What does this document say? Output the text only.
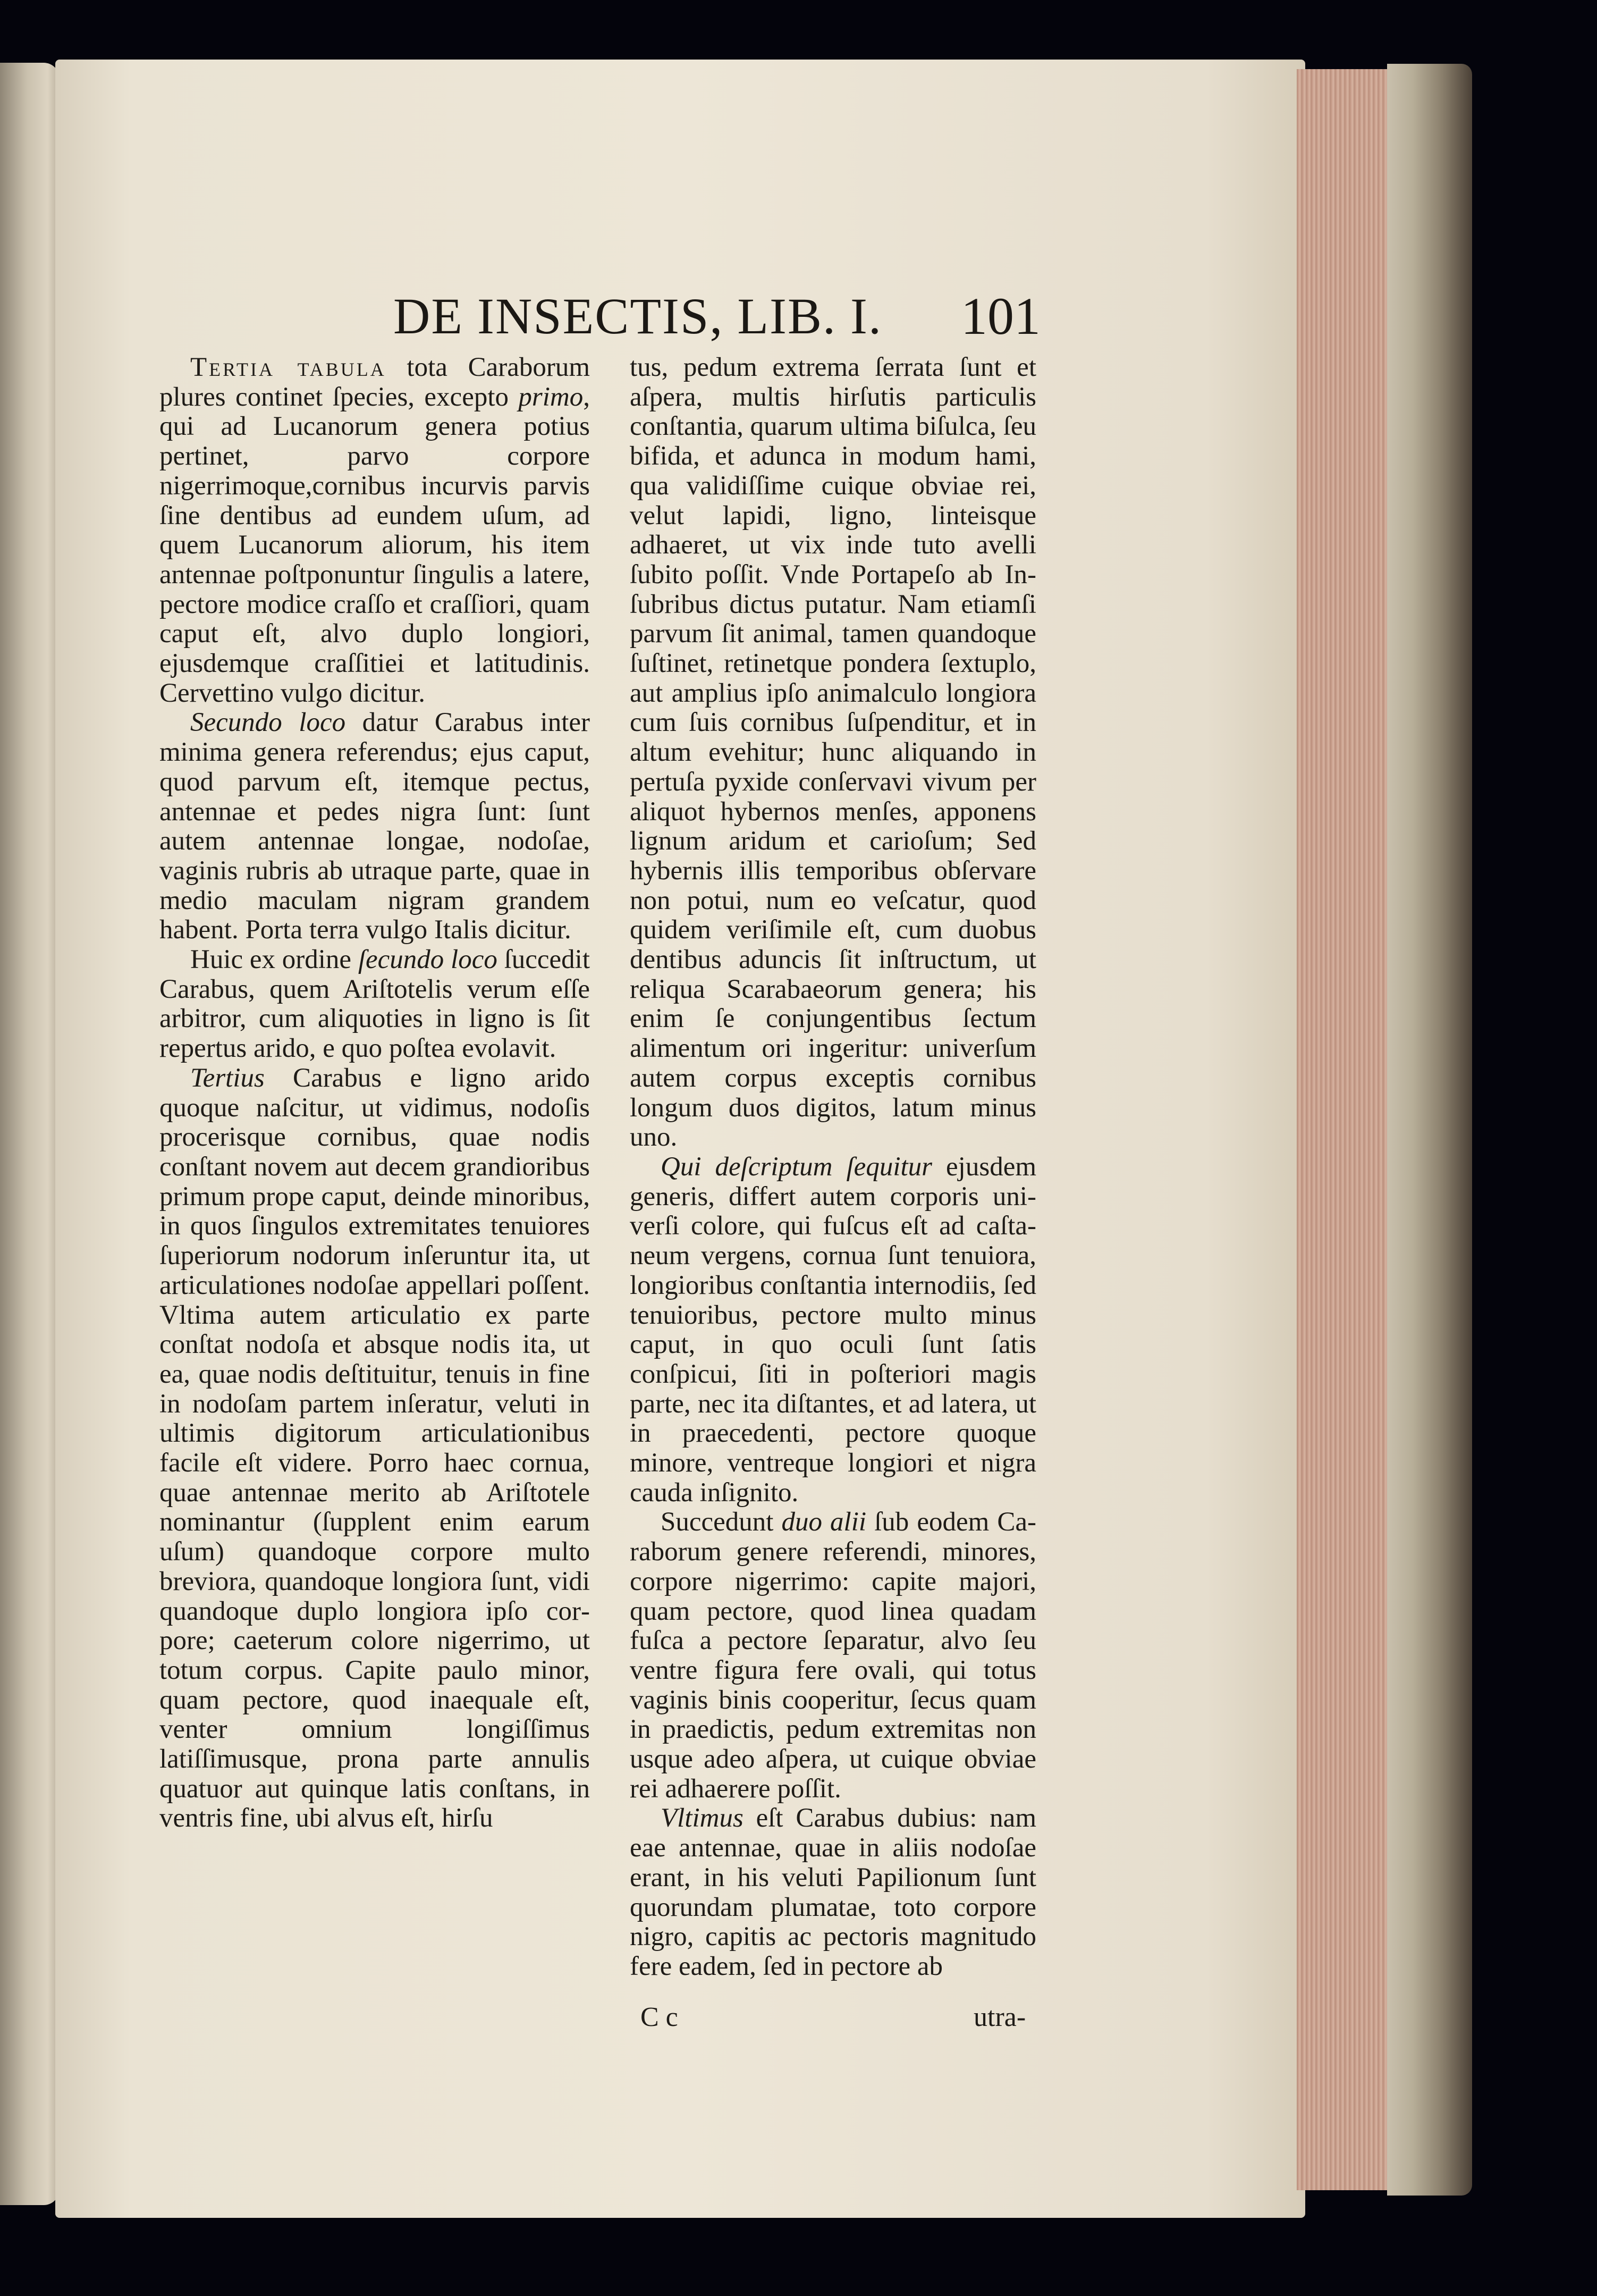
DE INSECTIS, LIB. I.	101

Tertia tabula tota Caraborum plures continet ſpecies, excepto primo, qui ad Lucanorum genera potius pertinet, parvo corpore nigerrimoque,cornibus incurvis parvis ſine dentibus ad eundem uſum, ad quem Lucanorum aliorum, his item antennae poſtponuntur ſingulis a latere, pectore modice craſſo et craſſiori, quam caput eſt, alvo duplo longiori, ejusdemque craſſitiei et latitudinis. Cervettino vulgo dicitur.

Secundo loco datur Carabus inter minima genera referendus; ejus caput, quod parvum eſt, itemque pectus, antennae et pedes nigra ſunt: ſunt autem antennae longae, nodoſae, vaginis rubris ab utraque parte, quae in medio maculam nigram grandem habent. Porta terra vulgo Italis dicitur.

Huic ex ordine ſecundo loco ſuccedit Carabus, quem Ariſtotelis verum eſſe arbitror, cum aliquoties in ligno is ſit repertus arido, e quo poſtea evolavit.

Tertius Carabus e ligno arido quoque naſcitur, ut vidimus, nodoſis procerisque cornibus, quae nodis conſtant novem aut decem grandioribus primum prope caput, deinde minoribus, in quos ſingulos extremitates tenuiores ſuperiorum nodorum inſeruntur ita, ut articulationes nodoſae appellari poſſent. Vltima autem articulatio ex parte conſtat nodoſa et absque nodis ita, ut ea, quae nodis deſtituitur, tenuis in fine in nodoſam partem inſeratur, veluti in ultimis digitorum articulationibus facile eſt videre. Porro haec cornua, quae antennae merito ab Ariſtotele nominantur (ſupplent enim earum uſum) quandoque corpore multo breviora, quandoque longiora ſunt, vidi quandoque duplo longiora ipſo corpore; caeterum colore nigerrimo, ut totum corpus. Capite paulo minor, quam pectore, quod inaequale eſt, venter omnium longiſſimus latiſſimusque, prona parte annulis quatuor aut quinque latis conſtans, in ventris fine, ubi alvus eſt, hirſu

tus, pedum extrema ſerrata ſunt et aſpera, multis hirſutis particulis conſtantia, quarum ultima biſulca, ſeu bifida, et adunca in modum hami, qua validiſſime cuique obviae rei, velut lapidi, ligno, linteisque adhaeret, ut vix inde tuto avelli ſubito poſſit. Vnde Portapeſo ab Inſubribus dictus putatur. Nam etiamſi parvum ſit animal, tamen quandoque ſuſtinet, retinetque pondera ſextuplo, aut amplius ipſo animalculo longiora cum ſuis cornibus ſuſpenditur, et in altum evehitur; hunc aliquando in pertuſa pyxide conſervavi vivum per aliquot hybernos menſes, apponens lignum aridum et carioſum; Sed hybernis illis temporibus obſervare non potui, num eo veſcatur, quod quidem veriſimile eſt, cum duobus dentibus aduncis ſit inſtructum, ut reliqua Scarabaeorum genera; his enim ſe conjungentibus ſectum alimentum ori ingeritur: univerſum autem corpus exceptis cornibus longum duos digitos, latum minus uno.

Qui deſcriptum ſequitur ejusdem generis, differt autem corporis univerſi colore, qui fuſcus eſt ad caſtaneum vergens, cornua ſunt tenuiora, longioribus conſtantia internodiis, ſed tenuioribus, pectore multo minus caput, in quo oculi ſunt ſatis conſpicui, ſiti in poſteriori magis parte, nec ita diſtantes, et ad latera, ut in praecedenti, pectore quoque minore, ventreque longiori et nigra cauda inſignito.

Succedunt duo alii ſub eodem Caraborum genere referendi, minores, corpore nigerrimo: capite majori, quam pectore, quod linea quadam fuſca a pectore ſeparatur, alvo ſeu ventre figura fere ovali, qui totus vaginis binis cooperitur, ſecus quam in praedictis, pedum extremitas non usque adeo aſpera, ut cuique obviae rei adhaerere poſſit.

Vltimus eſt Carabus dubius: nam eae antennae, quae in aliis nodoſae erant, in his veluti Papilionum ſunt quorundam plumatae, toto corpore nigro, capitis ac pectoris magnitudo fere eadem, ſed in pectore ab

C c	utra-
